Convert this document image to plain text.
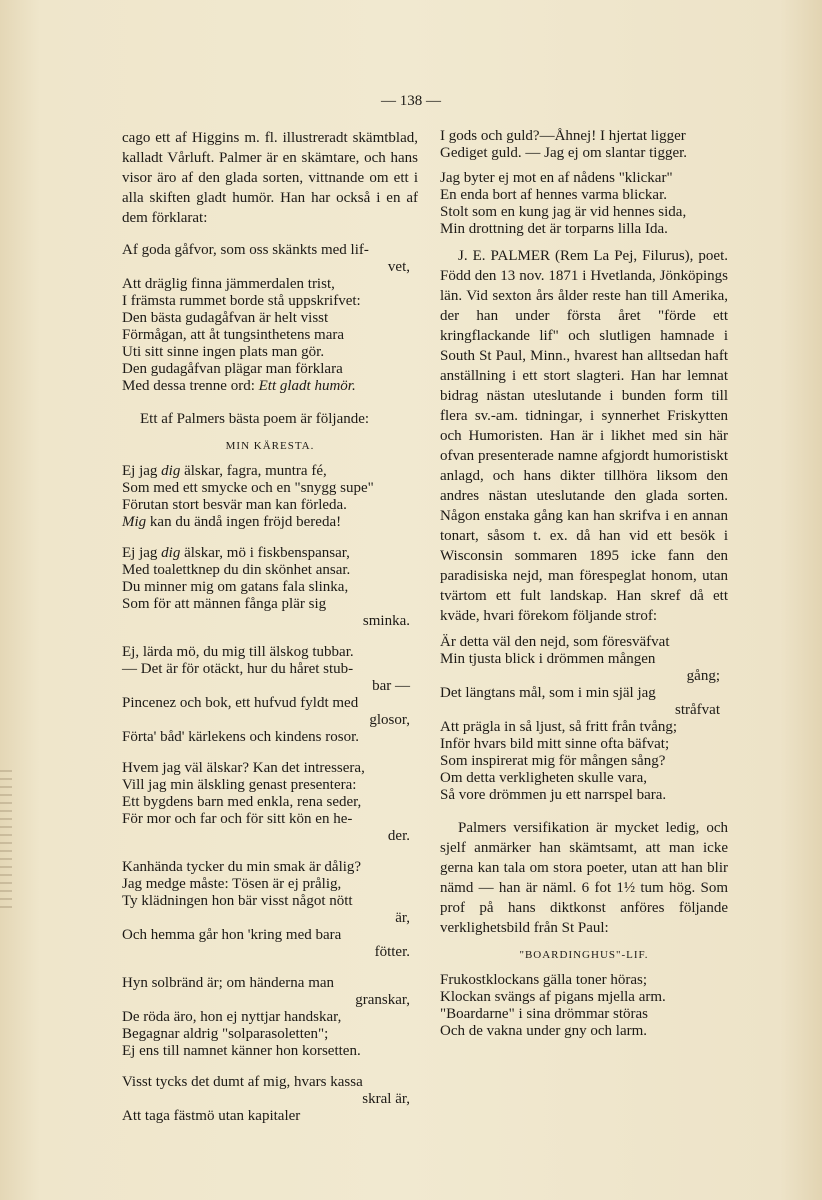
— 138 —

cago ett af Higgins m. fl. illustreradt skämtblad, kalladt Vårluft. Palmer är en skämtare, och hans visor äro af den glada sorten, vittnande om ett i alla skiften gladt humör. Han har också i en af dem förklarat:

Af goda gåfvor, som oss skänkts med lif-
vet,
Att dräglig finna jämmerdalen trist,
I främsta rummet borde stå uppskrifvet:
Den bästa gudagåfvan är helt visst
Förmågan, att åt tungsinthetens mara
Uti sitt sinne ingen plats man gör.
Den gudagåfvan plägar man förklara
Med dessa trenne ord: Ett gladt humör.

Ett af Palmers bästa poem är följande:

MIN KÄRESTA.
Ej jag dig älskar, fagra, muntra fé,
Som med ett smycke och en "snygg supe"
Förutan stort besvär man kan förleda.
Mig kan du ändå ingen fröjd bereda!
Ej jag dig älskar, mö i fiskbenspansar,
Med toalettknep du din skönhet ansar.
Du minner mig om gatans fala slinka,
Som för att männen fånga plär sig
sminka.
Ej, lärda mö, du mig till älskog tubbar.
— Det är för otäckt, hur du håret stub-
bar —
Pincenez och bok, ett hufvud fyldt med
glosor,
Förta' båd' kärlekens och kindens rosor.
Hvem jag väl älskar? Kan det intressera,
Vill jag min älskling genast presentera:
Ett bygdens barn med enkla, rena seder,
För mor och far och för sitt kön en he-
der.
Kanhända tycker du min smak är dålig?
Jag medge måste: Tösen är ej prålig,
Ty klädningen hon bär visst något nött
är,
Och hemma går hon 'kring med bara
fötter.
Hyn solbränd är; om händerna man
granskar,
De röda äro, hon ej nyttjar handskar,
Begagnar aldrig "solparasoletten";
Ej ens till namnet känner hon korsetten.
Visst tycks det dumt af mig, hvars kassa
skral är,
Att taga fästmö utan kapitaler
I gods och guld?—Åhnej! I hjertat ligger
Gediget guld. — Jag ej om slantar tigger.
Jag byter ej mot en af nådens "klickar"
En enda bort af hennes varma blickar.
Stolt som en kung jag är vid hennes sida,
Min drottning det är torparns lilla Ida.

J. E. PALMER (Rem La Pej, Filurus), poet. Född den 13 nov. 1871 i Hvetlanda, Jönköpings län. Vid sexton års ålder reste han till Amerika, der han under första året "förde ett kringflackande lif" och slutligen hamnade i South St Paul, Minn., hvarest han alltsedan haft anställning i ett stort slagteri. Han har lemnat bidrag nästan uteslutande i bunden form till flera sv.-am. tidningar, i synnerhet Friskytten och Humoristen. Han är i likhet med sin här ofvan presenterade namne afgjordt humoristiskt anlagd, och hans dikter tillhöra liksom den andres nästan uteslutande den glada sorten. Någon enstaka gång kan han skrifva i en annan tonart, såsom t. ex. då han vid ett besök i Wisconsin sommaren 1895 icke fann den paradisiska nejd, man förespeglat honom, utan tvärtom ett fult landskap. Han skref då ett kväde, hvari förekom följande strof:

Är detta väl den nejd, som föresväfvat
Min tjusta blick i drömmen mången
gång;
Det längtans mål, som i min själ jag
stråfvat
Att prägla in så ljust, så fritt från tvång;
Inför hvars bild mitt sinne ofta bäfvat;
Som inspirerat mig för mången sång?
Om detta verkligheten skulle vara,
Så vore drömmen ju ett narrspel bara.

Palmers versifikation är mycket ledig, och sjelf anmärker han skämtsamt, att man icke gerna kan tala om stora poeter, utan att han blir nämd — han är näml. 6 fot 1½ tum hög. Som prof på hans diktkonst anföres följande verklighetsbild från St Paul:

"BOARDINGHUS"-LIF.
Frukostklockans gälla toner höras;
Klockan svängs af pigans mjella arm.
"Boardarne" i sina drömmar störas
Och de vakna under gny och larm.
